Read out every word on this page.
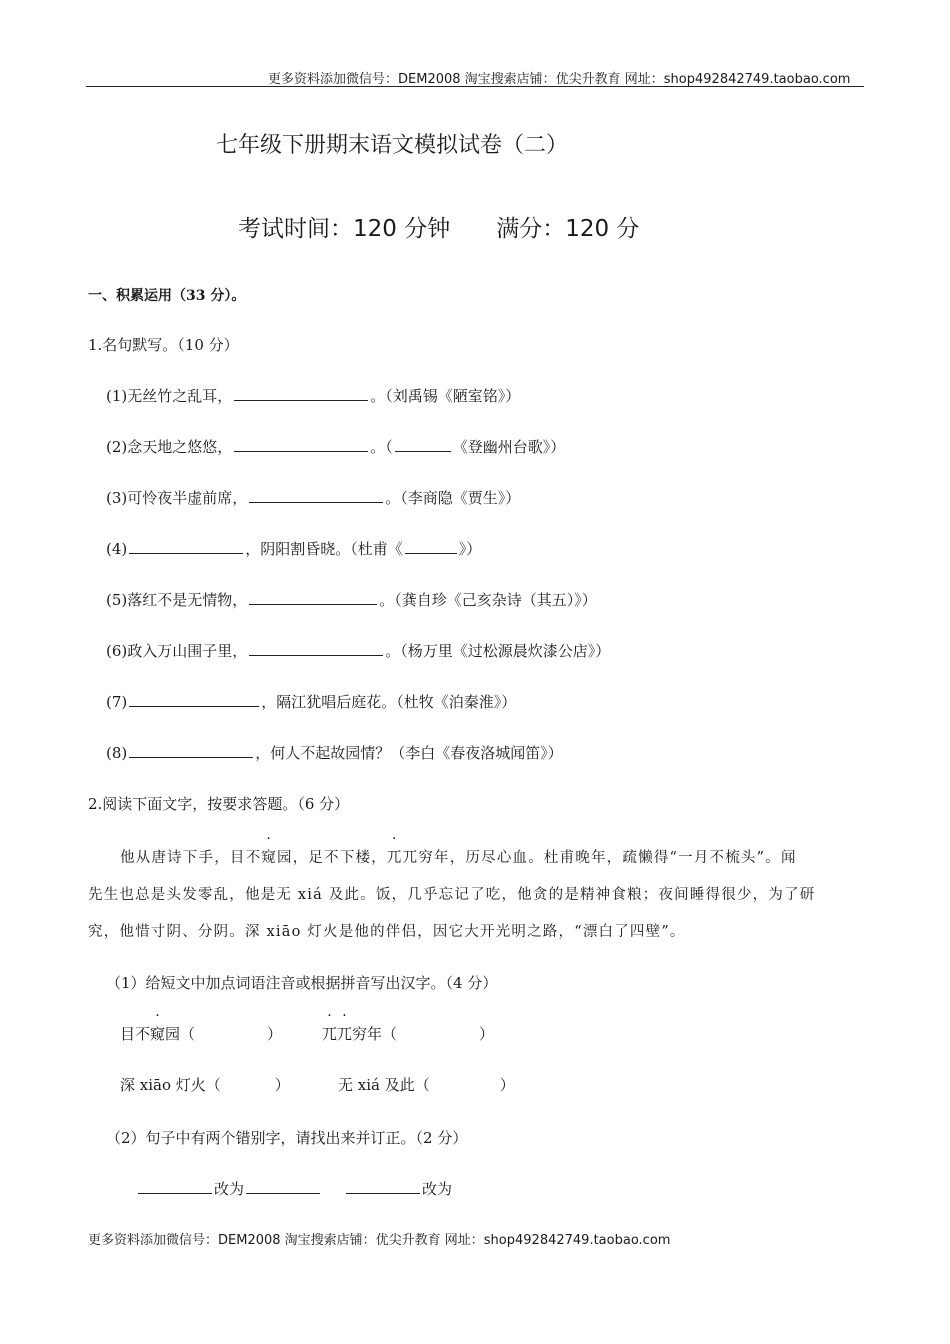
更多资料添加微信号：DEM2008 淘宝搜索店铺：优尖升教育 网址：shop492842749.taobao.com
七年级下册期末语文模拟试卷（二）
考试时间：120 分钟　　满分：120 分
一、积累运用（33 分）。
1.名句默写。（10 分）
(1)无丝竹之乱耳，	。（刘禹锡《陋室铭》）
(2)念天地之悠悠，	。（	《登幽州台歌》）
(3)可怜夜半虚前席，	。（李商隐《贾生》）
(4)	，阴阳割昏晓。（杜甫《	》）
(5)落红不是无情物，	。（龚自珍《己亥杂诗（其五）》）
(6)政入万山围子里，	。（杨万里《过松源晨炊漆公店》）
(7)	，隔江犹唱后庭花。（杜牧《泊秦淮》）
(8)	，何人不起故园情？（李白《春夜洛城闻笛》）
2.阅读下面文字，按要求答题。（6 分）
他从唐诗下手，目不窥园，足不下楼，兀兀穷年，历尽心血。杜甫晚年，疏懒得“一月不梳头”。闻
先生也总是头发零乱，他是无 xiá 及此。饭，几乎忘记了吃，他贪的是精神食粮；夜间睡得很少，为了研
究，他惜寸阴、分阴。深 xiāo 灯火是他的伴侣，因它大开光明之路，“漂白了四壁”。
（1）给短文中加点词语注音或根据拼音写出汉字。（4 分）
目不窥园（	）	兀兀穷年（	）
深 xiāo 灯火（	）	无 xiá 及此（	）
（2）句子中有两个错别字，请找出来并订正。（2 分）
改为	改为
更多资料添加微信号：DEM2008 淘宝搜索店铺：优尖升教育 网址：shop492842749.taobao.com
